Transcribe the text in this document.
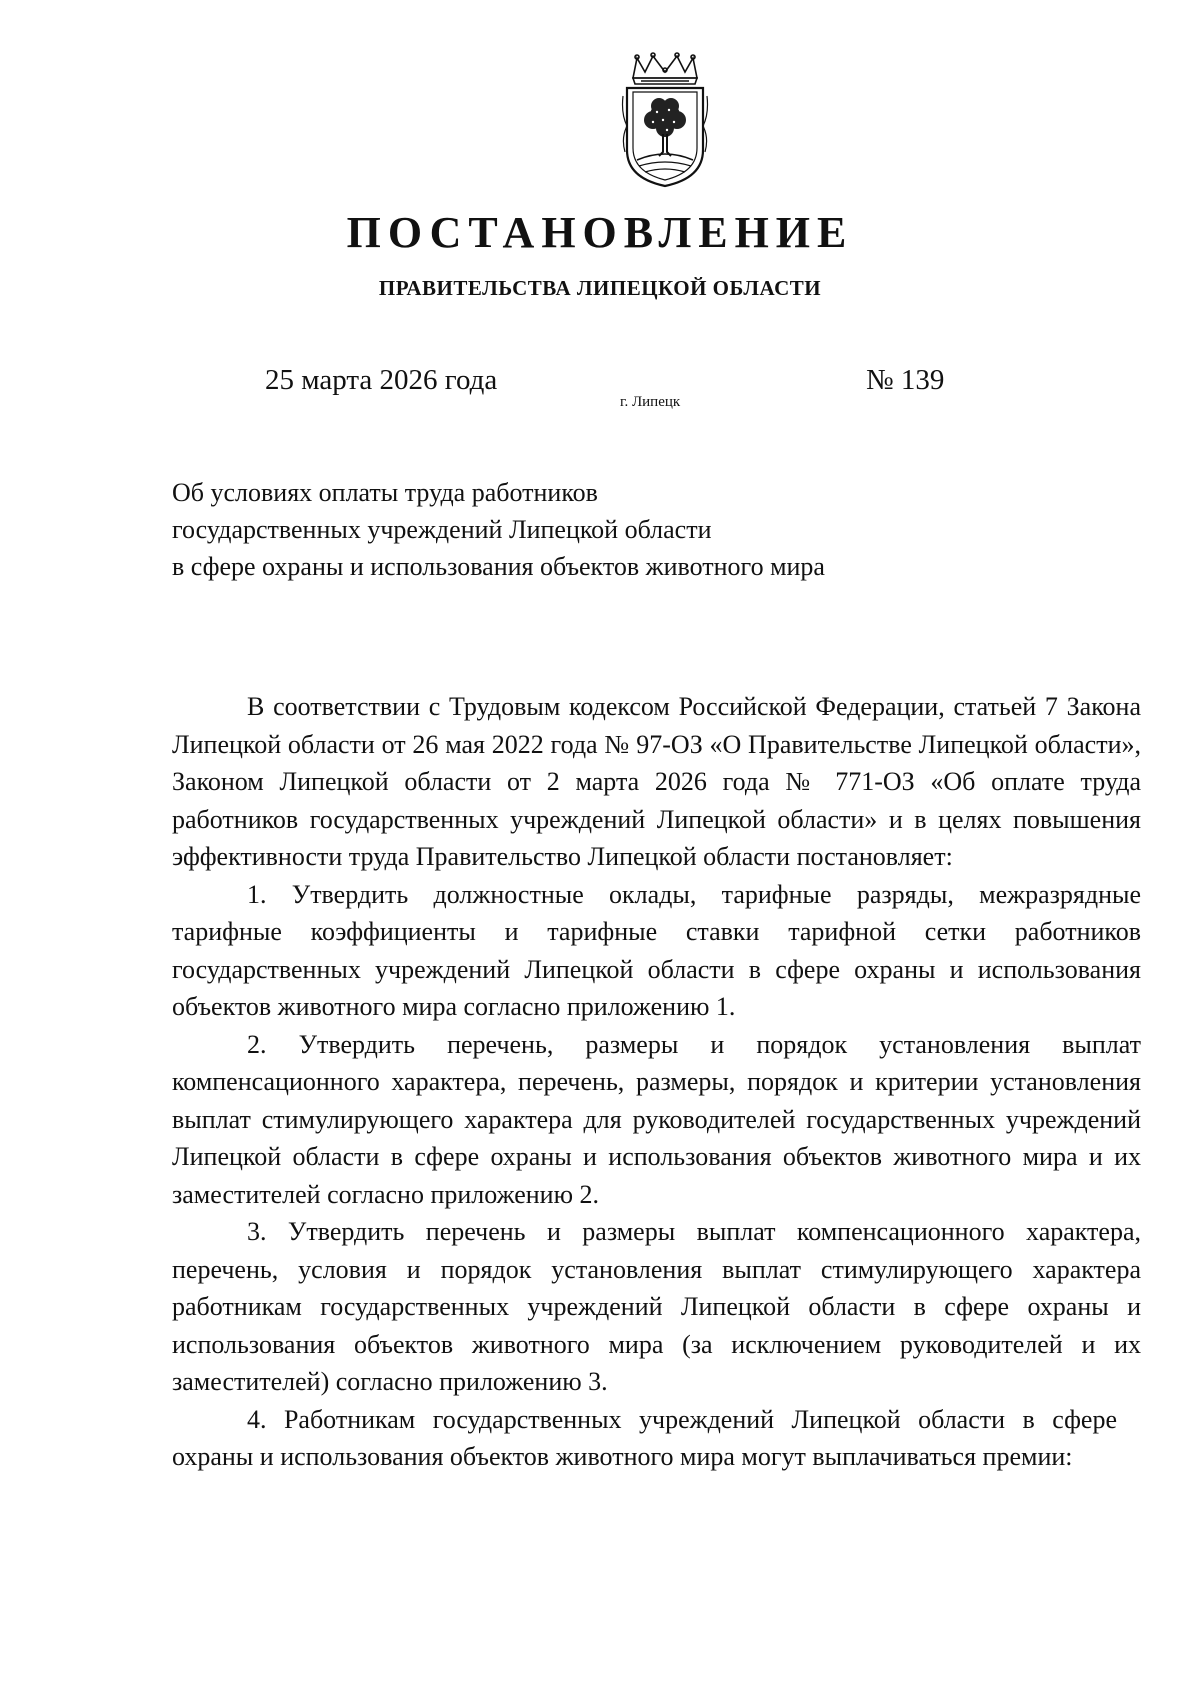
ПОСТАНОВЛЕНИЕ
ПРАВИТЕЛЬСТВА ЛИПЕЦКОЙ ОБЛАСТИ
25 марта 2026 года	№ 139
г. Липецк
Об условиях оплаты труда работников
государственных учреждений Липецкой области
в сфере охраны и использования объектов животного мира

В соответствии с Трудовым кодексом Российской Федерации, статьей 7 Закона Липецкой области от 26 мая 2022 года № 97-ОЗ «О Правительстве Липецкой области», Законом Липецкой области от 2 марта 2026 года № 771-ОЗ «Об оплате труда работников государственных учреждений Липецкой области» и в целях повышения эффективности труда Правительство Липецкой области постановляет:

1. Утвердить должностные оклады, тарифные разряды, межразрядные тарифные коэффициенты и тарифные ставки тарифной сетки работников государственных учреждений Липецкой области в сфере охраны и использования объектов животного мира согласно приложению 1.

2. Утвердить перечень, размеры и порядок установления выплат компенсационного характера, перечень, размеры, порядок и критерии установления выплат стимулирующего характера для руководителей государственных учреждений Липецкой области в сфере охраны и использования объектов животного мира и их заместителей согласно приложению 2.

3. Утвердить перечень и размеры выплат компенсационного характера, перечень, условия и порядок установления выплат стимулирующего характера работникам государственных учреждений Липецкой области в сфере охраны и использования объектов животного мира (за исключением руководителей и их заместителей) согласно приложению 3.

4. Работникам государственных учреждений Липецкой области в сфере охраны и использования объектов животного мира могут выплачиваться премии:
